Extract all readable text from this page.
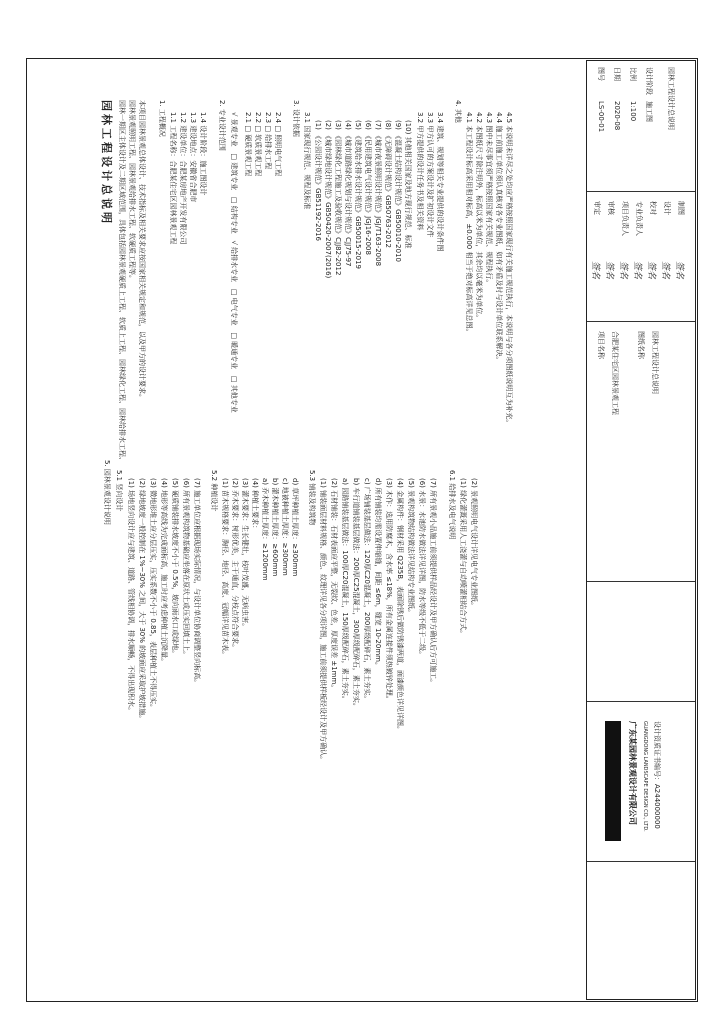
园林工程设计总说明 园林一期区主体设计及二期区域范围，具体包括园林景观硬质上工程、软质上工程、园林绿化工程、园林给排水工程、 园林景观照明工程、园林景观给排水工程、软硬质工程等。 本项目园林景观总体设计、技术指标及相关要求应按国家相关规定和规范，以及甲方的设计要求。 1. 工程概况 1.1 工程名称：合肥某住宅区园林景观工程 1.2 建设单位：合肥某房地产开发有限公司 1.3 建设地点：安徽省合肥市 1.4 设计阶段：施工图设计 2. 专业设计范围 √ 景观专业   □ 建筑专业   □ 结构专业   √ 给排水专业   □ 电气专业   □ 暖通专业   □ 其他专业
2.1 □ 硬质景观工程 2.2 □ 软质景观工程 2.3 □ 给排水工程 2.4 □ 照明电气工程 3. 设计依据 3.1 国家现行规范、规程及标准 (1) 《公园设计规范》GB51192-2016 (2) 《城市绿地设计规范》GB50420-2007(2016) (3) 《园林绿化工程施工及验收规范》CJJ82-2012 (4) 《城市道路绿化规划与设计规范》CJJ75-97 (5) 《建筑给水排水设计规范》GB50015-2019 (6) 《民用建筑电气设计规范》JGJ16-2008 (7) 《城市夜景照明设计规范》JGJ/T163-2008 (8) 《无障碍设计规范》GB50763-2012 (9) 《混凝土结构设计规范》GB50010-2010 (10) 其他相关国家及地方现行规范、标准 3.2 甲方提供的设计任务书及相关资料 3.3 甲方认可的方案设计及扩初设计文件 3.4 建筑、规划等相关专业提供的设计条件图
4. 其他
4.1 本工程设计标高采用相对标高，±0.000 相当于绝对标高详见总图。 4.2 本图纸尺寸除注明外，标高以米为单位，其余均以毫米为单位。 4.3 图中未尽事宜须严格按照国家有关规范、规程执行。 4.4 施工前施工单位须认真核对各专业图纸，如有矛盾及时与设计单位联系解决。 4.5 本说明未详尽之处均应严格按照国家现行有关施工规范执行，本说明与各分项图纸说明互为补充。
5. 园林景观设计说明 5.1 竖向设计 (1) 场地竖向设计应与建筑、道路、管线相协调，排水顺畅，不得出现积水。 (2) 绿地坡度一般控制在 1%~30% 之间，大于 30% 的坡面应采取护坡措施。 (3) 微地形堆土应分层压实，压实系数不小于 0.85，表层种植土不得压实。 (4) 地形等高线为完成面标高，施工时应考虑种植土沉降量。 (5) 硬质铺装排水坡度不小于 0.5%，坡向雨水口或绿地。 (6) 所有景观构筑物基础应坐落在原状土或压实回填土上。 (7) 施工单位应根据现场实际情况，与设计单位协商调整竖向标高。 5.2 种植设计 (1) 苗木规格要求：胸径、地径、高度、冠幅详见苗木表。 (2) 乔木要求：树形优美，主干通直，分枝点符合要求。 (3) 灌木要求：生长健壮，枝叶茂盛，无病虫害。 (4) 种植土要求： a) 乔木种植土厚度：≥1200mm b) 灌木种植土厚度：≥600mm c) 地被种植土厚度：≥300mm d) 草坪种植土厚度：≥300mm 5.3 铺装及构筑物 (1) 铺装面层材料规格、颜色、纹理详见各分项详图，施工前须提供样板经设计及甲方确认。 (2) 石材铺装：石材表面应平整，无裂纹、色差，厚度误差 ±1mm。 a) 园路铺装基层做法：100厚C20混凝土，150厚级配碎石，素土夯实。 b) 车行道铺装基层做法：200厚C25混凝土，300厚级配碎石，素土夯实。 c) 广场铺装基层做法：120厚C20混凝土，200厚级配碎石，素土夯实。 d) 所有铺装均需设置伸缩缝，间距 ≤6m，缝宽 10-20mm。 (3) 木作：选用防腐木，含水率 ≤18%，所有金属连接件须热镀锌处理。 (4) 金属构件：钢材采用 Q235B，表面除锈后做防锈漆两道，面漆颜色详见详图。 (5) 景观构筑物结构做法详见结构专业图纸。 (6) 水景：水池防水做法详见详图，防水等级不低于二级。 (7) 所有景观小品施工前须提供样品经设计及甲方确认后方可施工。 6.1 给排水及电气说明 (1) 绿化灌溉采用人工浇灌与自动喷灌相结合方式。 (2) 景观照明电气设计详见电气专业图纸。
图号
LS-00-01
日期
2020-08
比例
1:100
设计阶段
施工图 园林工程设计总说明
审定
签名
审核
签名
项目负责人
签名
专业负责人
签名
校对
签名
设计
签名
制图
签名
项目名称 合肥某住宅区园林景观工程	图纸名称 园林工程设计总说明
广东某园林景观设计有限公司	GUANGDONG LANDSCAPE DESIGN CO., LTD. 设计资质证书编号：A244000000
